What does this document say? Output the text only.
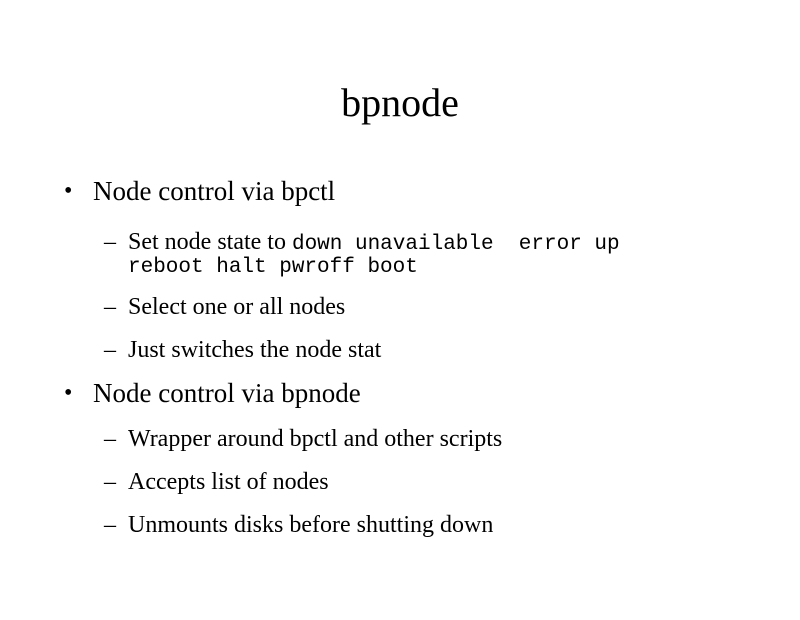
bpnode
• Node control via bpctl
– Set node state to down unavailable  error up
reboot halt pwroff boot
– Select one or all nodes
– Just switches the node stat
• Node control via bpnode
– Wrapper around bpctl and other scripts
– Accepts list of nodes
– Unmounts disks before shutting down
